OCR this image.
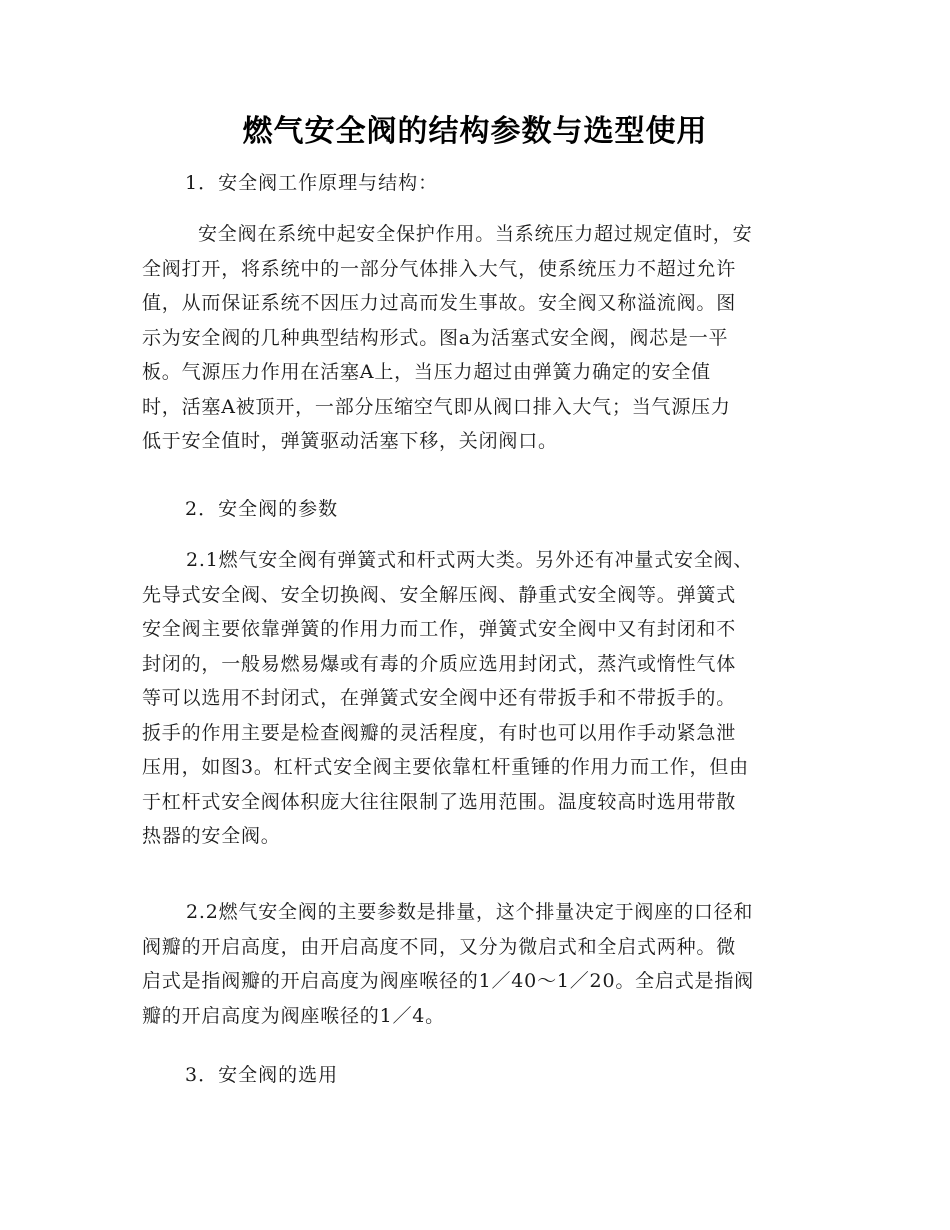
燃气安全阀的结构参数与选型使用
1．安全阀工作原理与结构：
安全阀在系统中起安全保护作用。当系统压力超过规定值时，安
全阀打开，将系统中的一部分气体排入大气，使系统压力不超过允许
值，从而保证系统不因压力过高而发生事故。安全阀又称溢流阀。图
示为安全阀的几种典型结构形式。图a为活塞式安全阀，阀芯是一平
板。气源压力作用在活塞A上，当压力超过由弹簧力确定的安全值
时，活塞A被顶开，一部分压缩空气即从阀口排入大气；当气源压力
低于安全值时，弹簧驱动活塞下移，关闭阀口。
2．安全阀的参数
2.1燃气安全阀有弹簧式和杆式两大类。另外还有冲量式安全阀、
先导式安全阀、安全切换阀、安全解压阀、静重式安全阀等。弹簧式
安全阀主要依靠弹簧的作用力而工作，弹簧式安全阀中又有封闭和不
封闭的，一般易燃易爆或有毒的介质应选用封闭式，蒸汽或惰性气体
等可以选用不封闭式，在弹簧式安全阀中还有带扳手和不带扳手的。
扳手的作用主要是检查阀瓣的灵活程度，有时也可以用作手动紧急泄
压用，如图3。杠杆式安全阀主要依靠杠杆重锤的作用力而工作，但由
于杠杆式安全阀体积庞大往往限制了选用范围。温度较高时选用带散
热器的安全阀。
2.2燃气安全阀的主要参数是排量，这个排量决定于阀座的口径和
阀瓣的开启高度，由开启高度不同，又分为微启式和全启式两种。微
启式是指阀瓣的开启高度为阀座喉径的1／40～1／20。全启式是指阀
瓣的开启高度为阀座喉径的1／4。
3．安全阀的选用
